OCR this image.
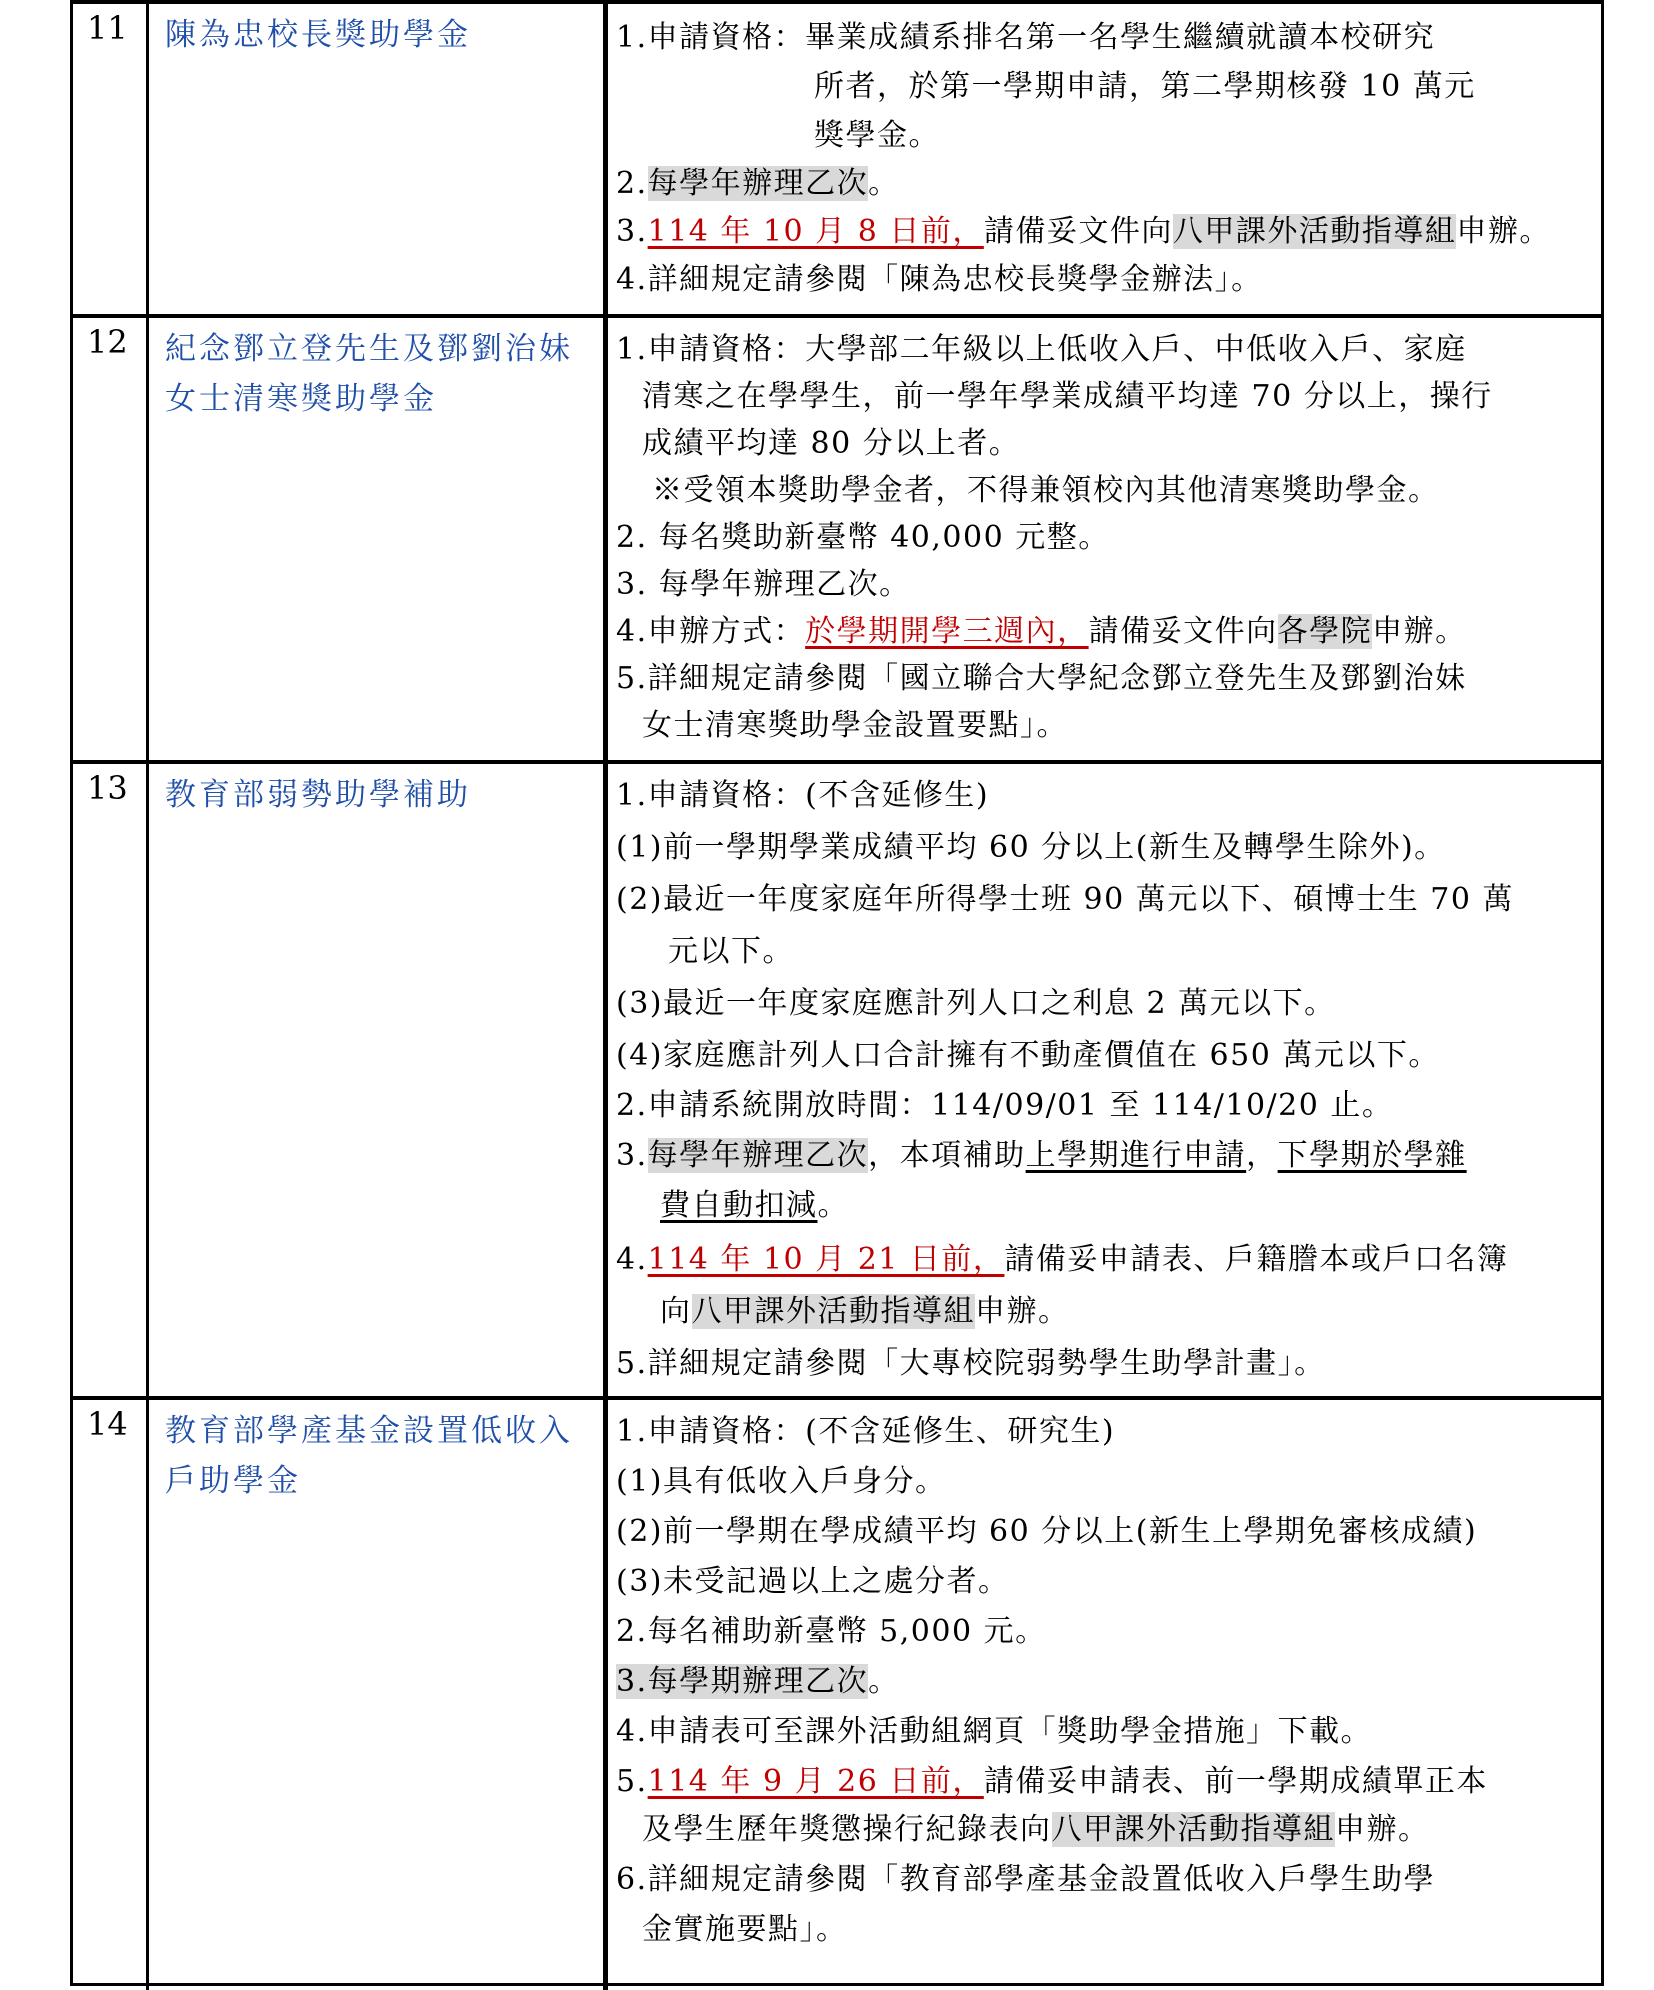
11 陳為忠校長獎助學金	1.申請資格：畢業成績系排名第一名學生繼續就讀本校研究
所者，於第一學期申請，第二學期核發 10 萬元
獎學金。
2.每學年辦理乙次。
3.114 年 10 月 8 日前，請備妥文件向八甲課外活動指導組申辦。
4.詳細規定請參閱「陳為忠校長獎學金辦法」。
12 紀念鄧立登先生及鄧劉治妹女士清寒獎助學金
1.申請資格：大學部二年級以上低收入戶、中低收入戶、家庭
清寒之在學學生，前一學年學業成績平均達 70 分以上，操行
成績平均達 80 分以上者。
※受領本獎助學金者，不得兼領校內其他清寒獎助學金。
2. 每名獎助新臺幣 40,000 元整。
3. 每學年辦理乙次。
4.申辦方式：於學期開學三週內，請備妥文件向各學院申辦。
5.詳細規定請參閱「國立聯合大學紀念鄧立登先生及鄧劉治妹
女士清寒獎助學金設置要點」。
13 教育部弱勢助學補助	1.申請資格：(不含延修生)
(1)前一學期學業成績平均 60 分以上(新生及轉學生除外)。
(2)最近一年度家庭年所得學士班 90 萬元以下、碩博士生 70 萬
元以下。
(3)最近一年度家庭應計列人口之利息 2 萬元以下。
(4)家庭應計列人口合計擁有不動產價值在 650 萬元以下。
2.申請系統開放時間：114/09/01 至 114/10/20 止。
3.每學年辦理乙次，本項補助上學期進行申請，下學期於學雜
費自動扣減。
4.114 年 10 月 21 日前，請備妥申請表、戶籍謄本或戶口名簿
向八甲課外活動指導組申辦。
5.詳細規定請參閱「大專校院弱勢學生助學計畫」。
14 教育部學產基金設置低收入戶助學金
1.申請資格：(不含延修生、研究生)
(1)具有低收入戶身分。
(2)前一學期在學成績平均 60 分以上(新生上學期免審核成績)
(3)未受記過以上之處分者。
2.每名補助新臺幣 5,000 元。
3.每學期辦理乙次。
4.申請表可至課外活動組網頁「獎助學金措施」下載。
5.114 年 9 月 26 日前，請備妥申請表、前一學期成績單正本
及學生歷年獎懲操行紀錄表向八甲課外活動指導組申辦。
6.詳細規定請參閱「教育部學產基金設置低收入戶學生助學
金實施要點」。
